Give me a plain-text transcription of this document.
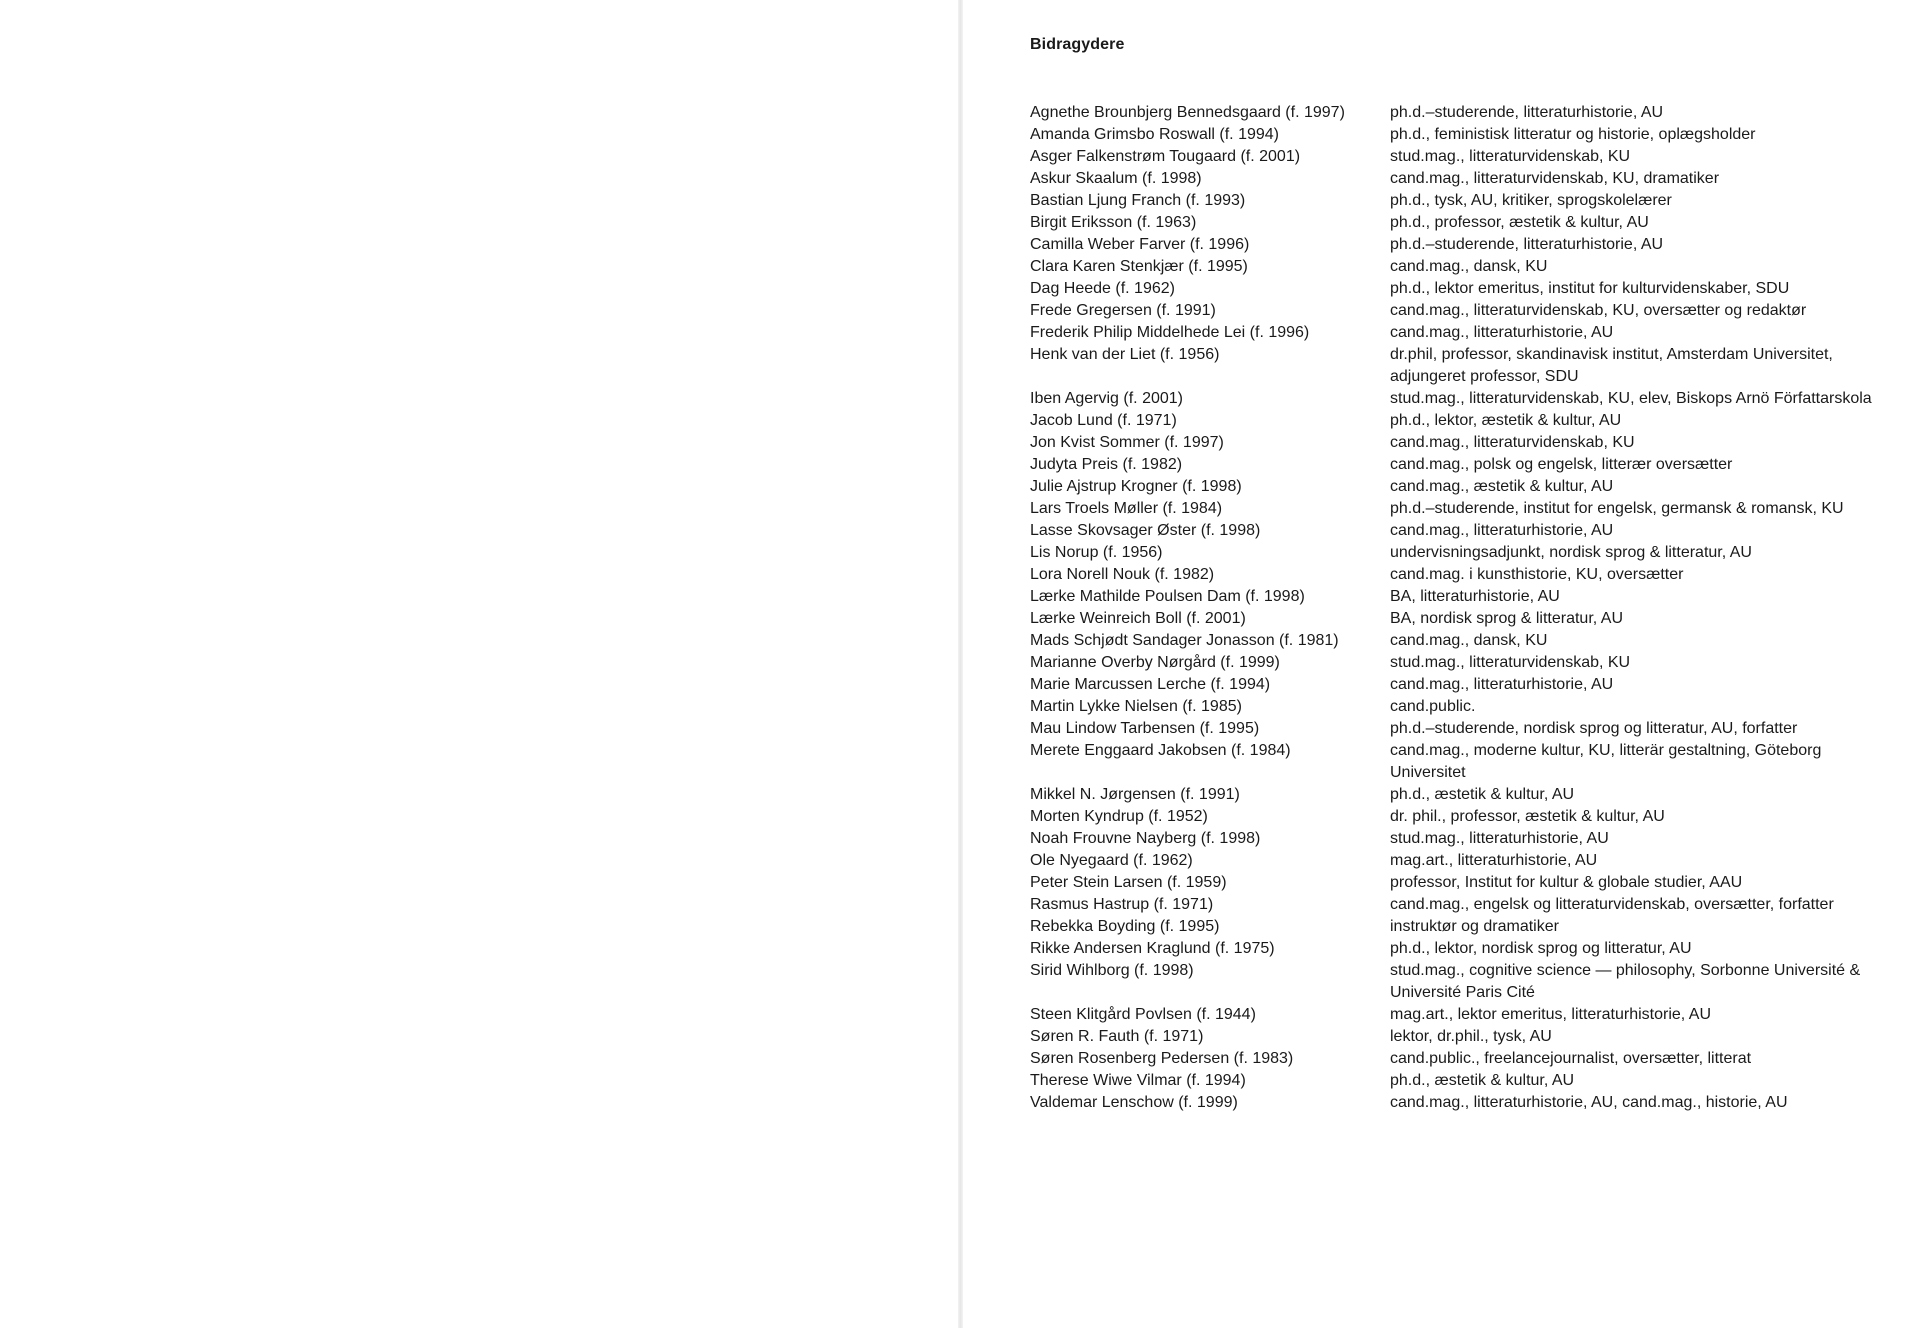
Bidragydere
Agnethe Brounbjerg Bennedsgaard (f. 1997)	ph.d.–studerende, litteraturhistorie, AU
Amanda Grimsbo Roswall (f. 1994)	ph.d., feministisk litteratur og historie, oplægsholder
Asger Falkenstrøm Tougaard (f. 2001)	stud.mag., litteraturvidenskab, KU
Askur Skaalum (f. 1998)	cand.mag., litteraturvidenskab, KU, dramatiker
Bastian Ljung Franch (f. 1993)	ph.d., tysk, AU, kritiker, sprogskolelærer
Birgit Eriksson (f. 1963)	ph.d., professor, æstetik & kultur, AU
Camilla Weber Farver (f. 1996)	ph.d.–studerende, litteraturhistorie, AU
Clara Karen Stenkjær (f. 1995)	cand.mag., dansk, KU
Dag Heede (f. 1962)	ph.d., lektor emeritus, institut for kulturvidenskaber, SDU
Frede Gregersen (f. 1991)	cand.mag., litteraturvidenskab, KU, oversætter og redaktør
Frederik Philip Middelhede Lei (f. 1996)	cand.mag., litteraturhistorie, AU
Henk van der Liet (f. 1956)	dr.phil, professor, skandinavisk institut, Amsterdam Universitet, adjungeret professor, SDU
Iben Agervig (f. 2001)	stud.mag., litteraturvidenskab, KU, elev, Biskops Arnö Författarskola
Jacob Lund (f. 1971)	ph.d., lektor, æstetik & kultur, AU
Jon Kvist Sommer (f. 1997)	cand.mag., litteraturvidenskab, KU
Judyta Preis (f. 1982)	cand.mag., polsk og engelsk, litterær oversætter
Julie Ajstrup Krogner (f. 1998)	cand.mag., æstetik & kultur, AU
Lars Troels Møller (f. 1984)	ph.d.–studerende, institut for engelsk, germansk & romansk, KU
Lasse Skovsager Øster (f. 1998)	cand.mag., litteraturhistorie, AU
Lis Norup (f. 1956)	undervisningsadjunkt, nordisk sprog & litteratur, AU
Lora Norell Nouk (f. 1982)	cand.mag. i kunsthistorie, KU, oversætter
Lærke Mathilde Poulsen Dam (f. 1998)	BA, litteraturhistorie, AU
Lærke Weinreich Boll (f. 2001)	BA, nordisk sprog & litteratur, AU
Mads Schjødt Sandager Jonasson (f. 1981)	cand.mag., dansk, KU
Marianne Overby Nørgård (f. 1999)	stud.mag., litteraturvidenskab, KU
Marie Marcussen Lerche (f. 1994)	cand.mag., litteraturhistorie, AU
Martin Lykke Nielsen (f. 1985)	cand.public.
Mau Lindow Tarbensen (f. 1995)	ph.d.–studerende, nordisk sprog og litteratur, AU, forfatter
Merete Enggaard Jakobsen (f. 1984)	cand.mag., moderne kultur, KU, litterär gestaltning, Göteborg Universitet
Mikkel N. Jørgensen (f. 1991)	ph.d., æstetik & kultur, AU
Morten Kyndrup (f. 1952)	dr. phil., professor, æstetik & kultur, AU
Noah Frouvne Nayberg (f. 1998)	stud.mag., litteraturhistorie, AU
Ole Nyegaard (f. 1962)	mag.art., litteraturhistorie, AU
Peter Stein Larsen (f. 1959)	professor, Institut for kultur & globale studier, AAU
Rasmus Hastrup (f. 1971)	cand.mag., engelsk og litteraturvidenskab, oversætter, forfatter
Rebekka Boyding (f. 1995)	instruktør og dramatiker
Rikke Andersen Kraglund (f. 1975)	ph.d., lektor, nordisk sprog og litteratur, AU
Sirid Wihlborg (f. 1998)	stud.mag., cognitive science — philosophy, Sorbonne Université & Université Paris Cité
Steen Klitgård Povlsen (f. 1944)	mag.art., lektor emeritus, litteraturhistorie, AU
Søren R. Fauth (f. 1971)	lektor, dr.phil., tysk, AU
Søren Rosenberg Pedersen (f. 1983)	cand.public., freelancejournalist, oversætter, litterat
Therese Wiwe Vilmar (f. 1994)	ph.d., æstetik & kultur, AU
Valdemar Lenschow (f. 1999)	cand.mag., litteraturhistorie, AU, cand.mag., historie, AU
